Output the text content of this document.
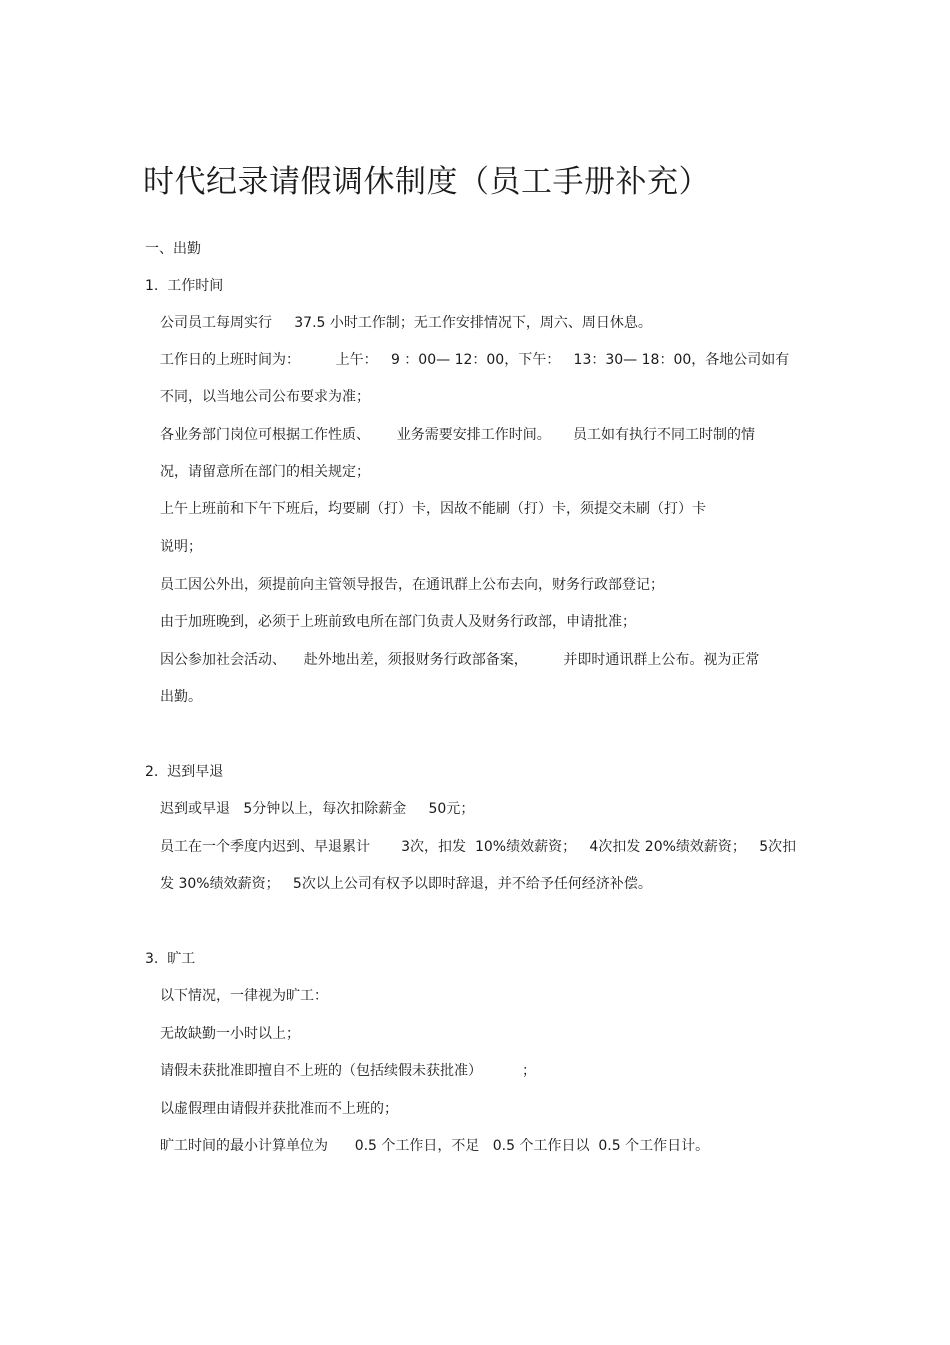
时代纪录请假调休制度（员工手册补充）
一、出勤
1.  工作时间
公司员工每周实行     37.5 小时工作制；无工作安排情况下，周六、周日休息。
工作日的上班时间为：        上午：   9 ：00— 12：00，下午：   13：30— 18：00，各地公司如有
不同，以当地公司公布要求为准；
各业务部门岗位可根据工作性质、      业务需要安排工作时间。     员工如有执行不同工时制的情
况，请留意所在部门的相关规定；
上午上班前和下午下班后，均要刷（打）卡，因故不能刷（打）卡，须提交未刷（打）卡
说明；
员工因公外出，须提前向主管领导报告，在通讯群上公布去向，财务行政部登记；
由于加班晚到，必须于上班前致电所在部门负责人及财务行政部，申请批准；
因公参加社会活动、    赴外地出差，须报财务行政部备案，        并即时通讯群上公布。视为正常
出勤。
2.  迟到早退
迟到或早退   5分钟以上，每次扣除薪金     50元；
员工在一个季度内迟到、早退累计       3次，扣发  10%绩效薪资；   4次扣发 20%绩效薪资；   5次扣
发 30%绩效薪资；   5次以上公司有权予以即时辞退，并不给予任何经济补偿。
3.  旷工
以下情况，一律视为旷工：
无故缺勤一小时以上；
请假未获批准即擅自不上班的（包括续假未获批准）         ；
以虚假理由请假并获批准而不上班的；
旷工时间的最小计算单位为      0.5 个工作日，不足   0.5 个工作日以  0.5 个工作日计。
